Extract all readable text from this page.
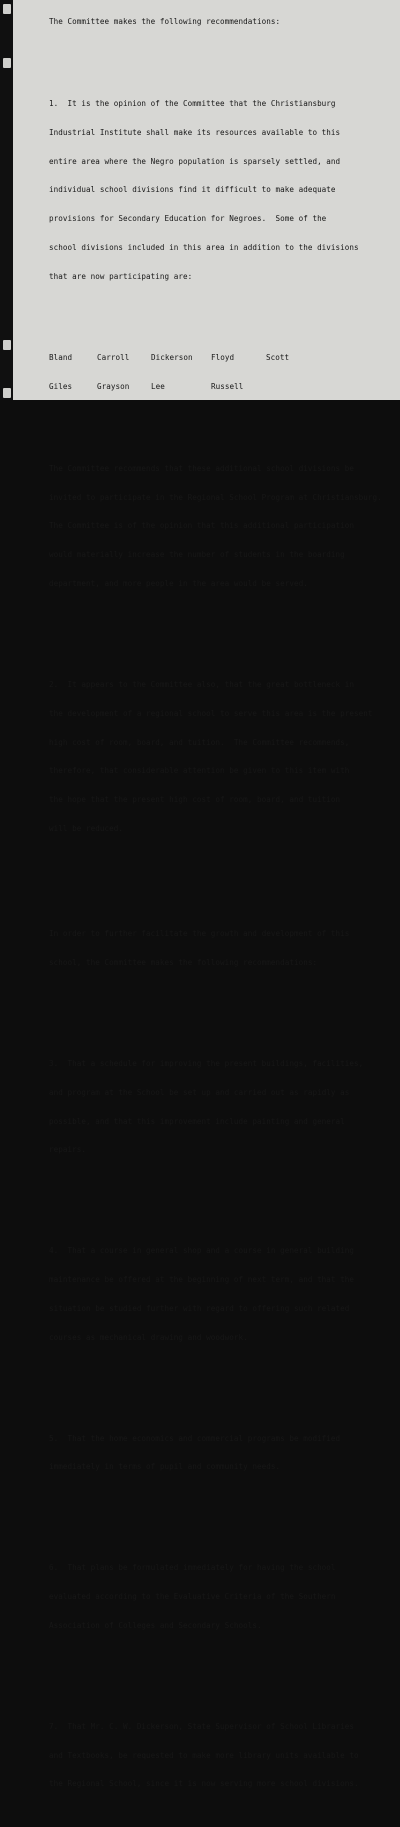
The Committee makes the following recommendations:

1.  It is the opinion of the Committee that the Christiansburg

Industrial Institute shall make its resources available to this

entire area where the Negro population is sparsely settled, and

individual school divisions find it difficult to make adequate

provisions for Secondary Education for Negroes.  Some of the

school divisions included in this area in addition to the divisions

that are now participating are:

Bland	Carroll	Dickerson	Floyd	Scott

Giles	Grayson	Lee	Russell

The Committee recommends that these additional school divisions be

invited to participate in the Regional School Program at Christiansburg.

The Committee is of the opinion that this additional participation

would materially increase the number of students in the boarding

department, and more people in the area would be served.

2.  It appears to the Committee also, that the great bottleneck in

the development of a regional school to serve this area is the present

high cost of room, board, and tuition.  The Committee recommends,

therefore, that considerable attention be given to this item with

the hope that the present high cost of room, board, and tuition

will be reduced.

In order to further facilitate the growth and development of this

school, the Committee makes the following recommendations:

3.  That a schedule for improving the present buildings, facilities,

and program at the School be set up and carried out as rapidly as

possible, and that this improvement include painting and general

repairs.

4.  That a course in general shop and a course in general building

maintenance be offered at the beginning of next term, and that the

situation be studied further with regard to offering such related

courses as mechanical drawing and woodwork.

5.  That the home economics and commercial programs be modified

immediately in terms of pupil and community needs.

6.  That plans be formulated immediately for having the school

evaluated according to the Evaluative Criteria of the Southern

Association of Colleges and Secondary Schools.

7.  That Mr. C. W. Dickerson, State Supervisor of School Libraries

and Textbooks, be requested to make more library units available to

the Regional School, since it is now serving more school divisions.
